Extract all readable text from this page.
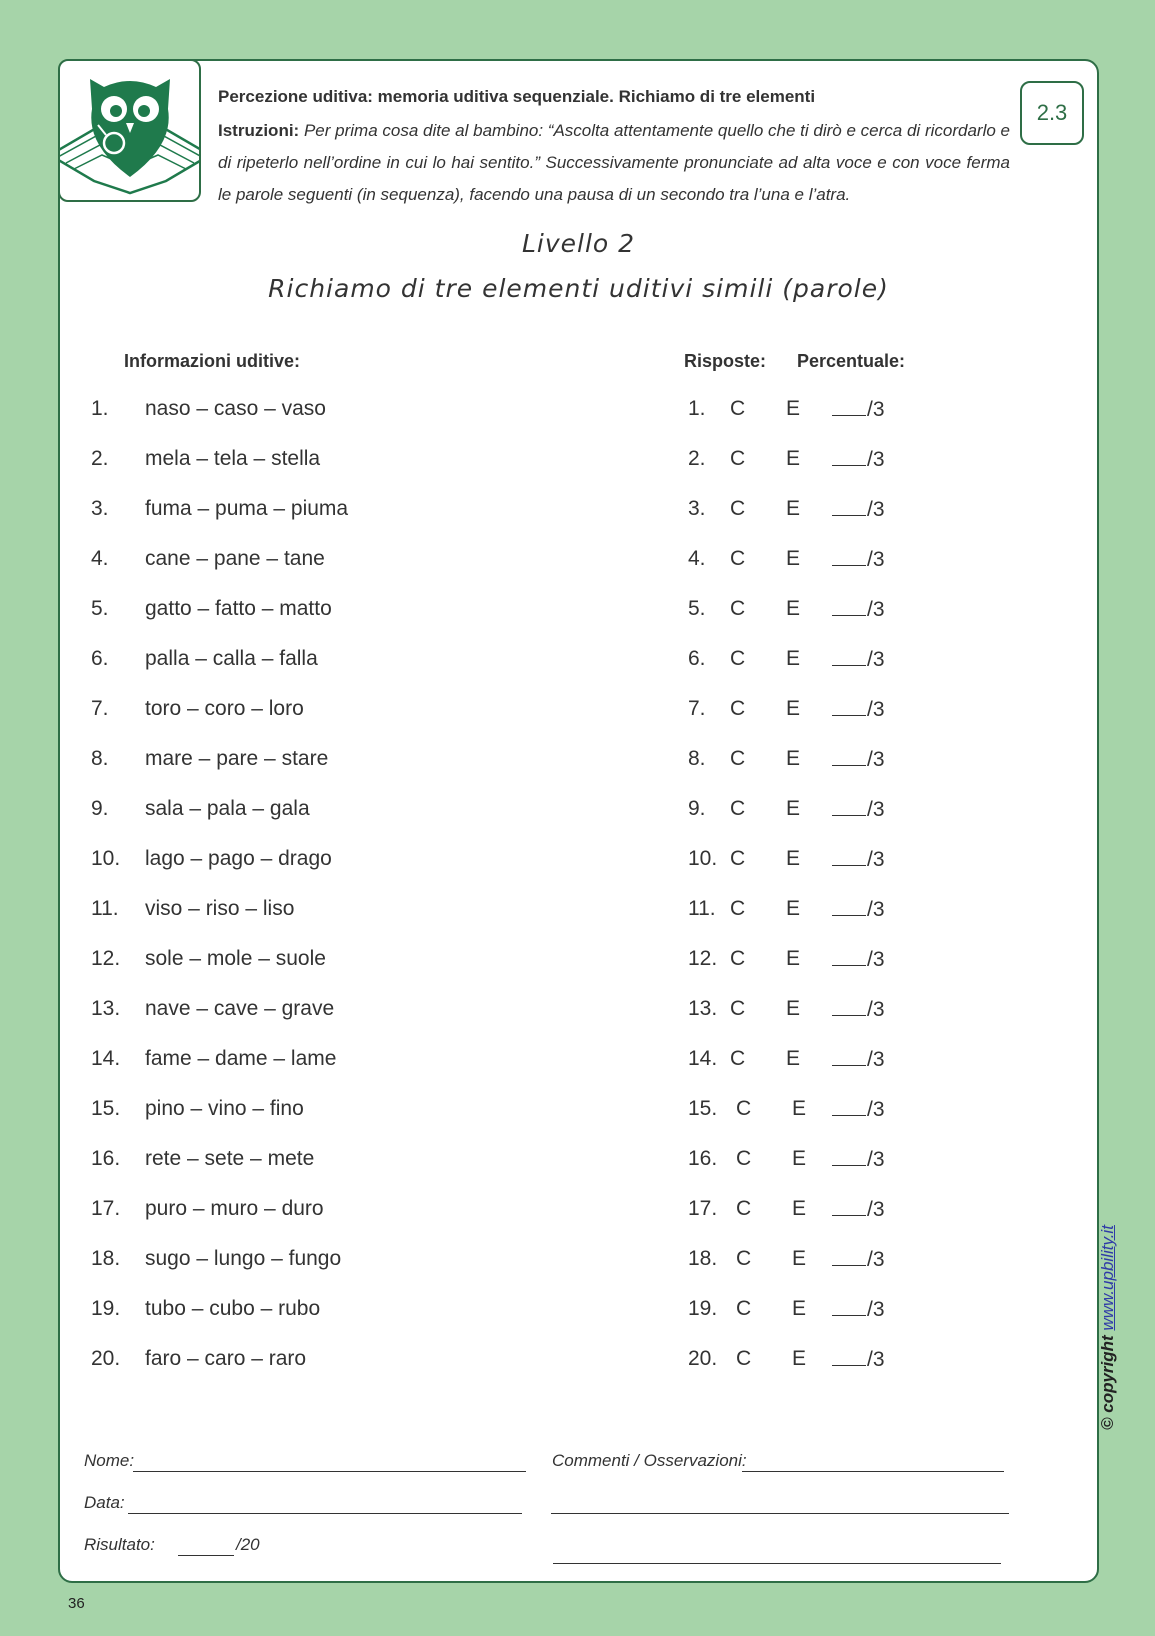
Percezione uditiva: memoria uditiva sequenziale. Richiamo di tre elementi
Istruzioni: Per prima cosa dite al bambino: “Ascolta attentamente quello che ti dirò e cerca di ricordarlo e di ripeterlo nell’ordine in cui lo hai sentito.” Successivamente pronunciate ad alta voce e con voce ferma le parole seguenti (in sequenza), facendo una pausa di un secondo tra l’una e l’atra.
2.3
Livello 2
Richiamo di tre elementi uditivi simili (parole)
Informazioni uditive:	Risposte: Percentuale:
1. naso – caso – vaso	1. C E	/3
2. mela – tela – stella	2. C E	/3
3. fuma – puma – piuma	3. C E	/3
4. cane – pane – tane	4. C E	/3
5. gatto – fatto – matto	5. C E	/3
6. palla – calla – falla	6. C E	/3
7. toro – coro – loro	7. C E	/3
8. mare – pare – stare	8. C E	/3
9. sala – pala – gala	9. C E	/3
10. lago – pago – drago	10. C E	/3
11. viso – riso – liso	11. C E	/3
12. sole – mole – suole	12. C E	/3
13. nave – cave – grave	13. C E	/3
14. fame – dame – lame	14. C E	/3
15. pino – vino – fino	15. C E	/3
16. rete – sete – mete	16. C E	/3
17. puro – muro – duro	17. C E	/3
18. sugo – lungo – fungo	18. C E	/3
19. tubo – cubo – rubo	19. C E	/3
20. faro – caro – raro	20. C E	/3
Nome:
Data:
Risultato:	/20
Commenti / Osservazioni:
© copyright www.upbility.it
36
